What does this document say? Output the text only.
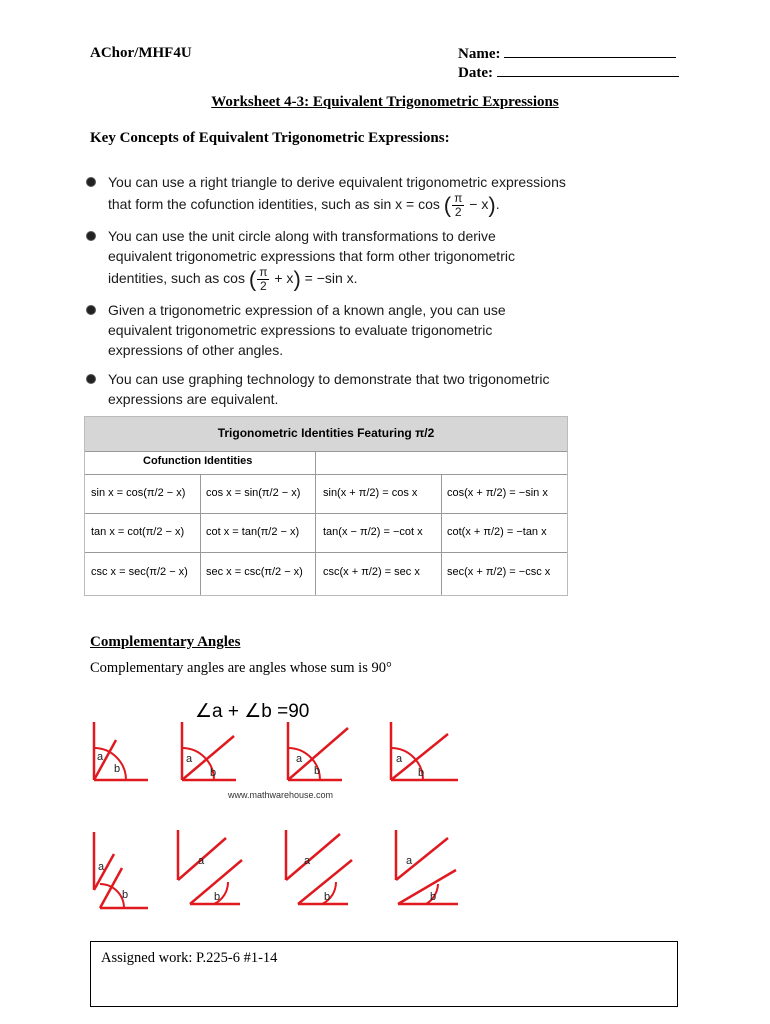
AChor/MHF4U	Name:
Date:
Worksheet 4-3: Equivalent Trigonometric Expressions
Key Concepts of Equivalent Trigonometric Expressions:
You can use a right triangle to derive equivalent trigonometric expressions
that form the cofunction identities, such as sin x = cos ( $\frac{\pi}{2} - x$).
You can use the unit circle along with transformations to derive
equivalent trigonometric expressions that form other trigonometric
identities, such as cos ( $\frac{\pi}{2} + x) = -\sin$ x.
Given a trigonometric expression of a known angle, you can use
equivalent trigonometric expressions to evaluate trigonometric
expressions of other angles.
You can use graphing technology to demonstrate that two trigonometric
expressions are equivalent.
Trigonometric Identities Featuring π/2
Cofunction Identities
sin x = cos(π/2 − x) cos x = sin(π/2 − x) sin(x + π/2) = cos x	cos(x + π/2) = −sin x
tan x = cot(π/2 − x) cot x = tan(π/2 − x) tan(x − π/2) = −cot x cot(x + π/2) = −tan x
csc x = sec(π/2 − x) sec x = csc(π/2 − x) csc(x + π/2) = sec x sec(x + π/2) = −csc x
Complementary Angles
Complementary angles are angles whose sum is 90°
∠a + ∠b =90
a
b
a
b
a
b
a
b
www.mathwarehouse.com
a
b
a
b
a
b
a
b
Assigned work: P.225-6 #1-14
